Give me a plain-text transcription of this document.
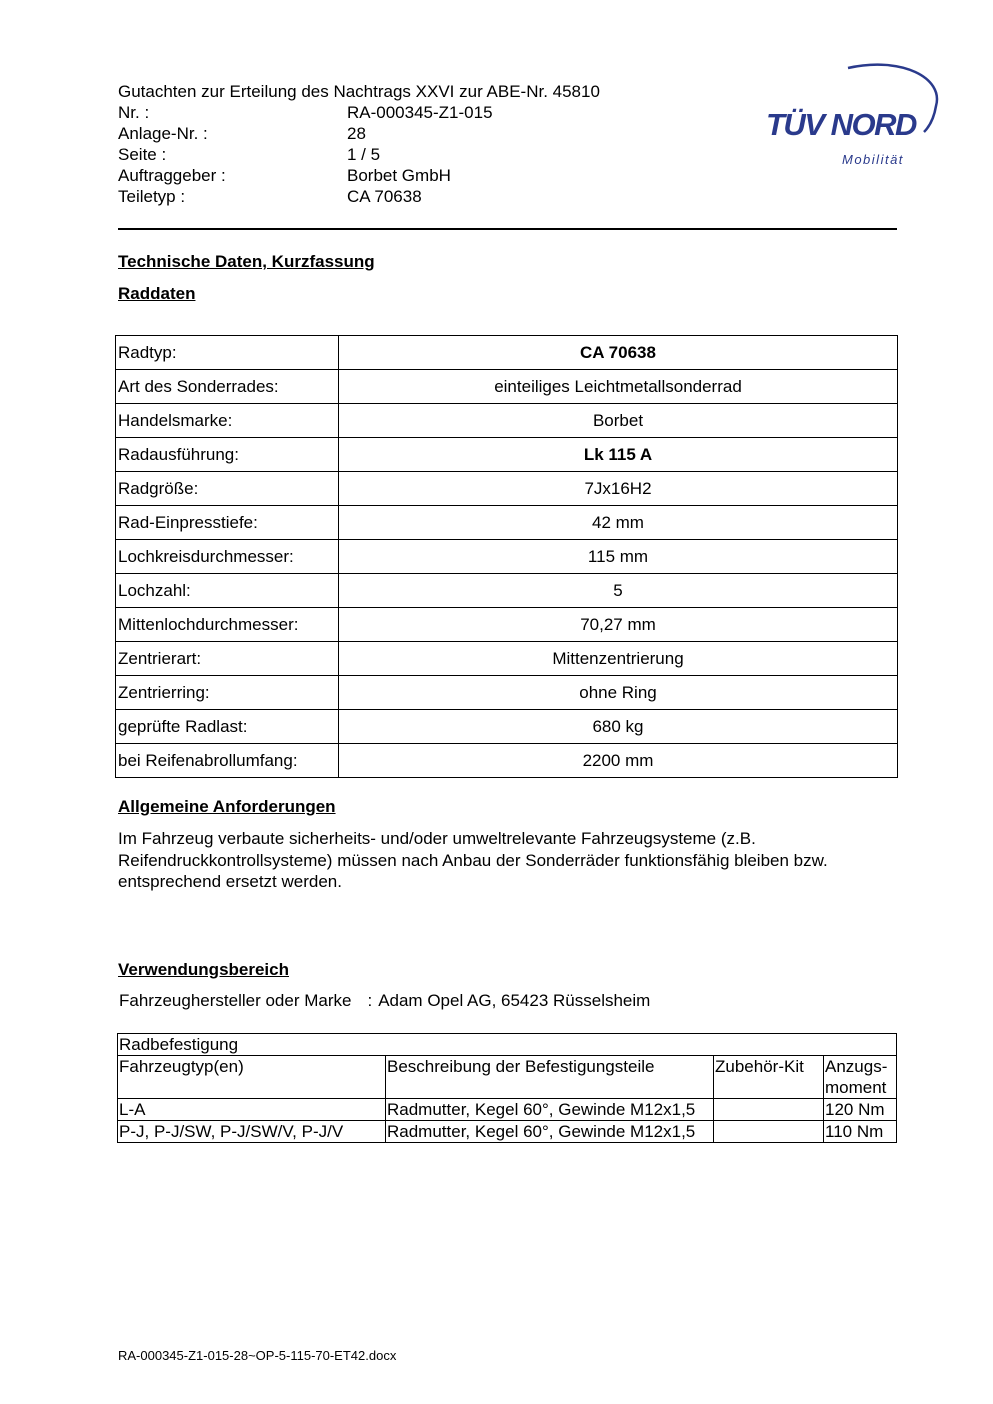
Gutachten zur Erteilung des Nachtrags XXVI zur ABE-Nr. 45810
Nr. :	RA-000345-Z1-015
Anlage-Nr. :	28
Seite :	1 / 5
Auftraggeber :	Borbet GmbH
Teiletyp :	CA 70638
TÜV NORD
Mobilität
Technische Daten, Kurzfassung
Raddaten
Radtyp:	CA 70638
Art des Sonderrades:	einteiliges Leichtmetallsonderrad
Handelsmarke:	Borbet
Radausführung:	Lk 115 A
Radgröße:	7Jx16H2
Rad-Einpresstiefe:	42 mm
Lochkreisdurchmesser:	115 mm
Lochzahl:	5
Mittenlochdurchmesser:	70,27 mm
Zentrierart:	Mittenzentrierung
Zentrierring:	ohne Ring
geprüfte Radlast:	680 kg
bei Reifenabrollumfang:	2200 mm
Allgemeine Anforderungen
Im Fahrzeug verbaute sicherheits- und/oder umweltrelevante Fahrzeugsysteme (z.B. Reifendruckkontrollsysteme) müssen nach Anbau der Sonderräder funktionsfähig bleiben bzw. entsprechend ersetzt werden.
Verwendungsbereich
Fahrzeughersteller oder Marke : Adam Opel AG, 65423 Rüsselsheim
Radbefestigung			
Fahrzeugtyp(en)	Beschreibung der Befestigungsteile	Zubehör-Kit	Anzugs-moment
L-A	Radmutter, Kegel 60°, Gewinde M12x1,5		120 Nm
P-J, P-J/SW, P-J/SW/V, P-J/V	Radmutter, Kegel 60°, Gewinde M12x1,5		110 Nm
RA-000345-Z1-015-28~OP-5-115-70-ET42.docx
